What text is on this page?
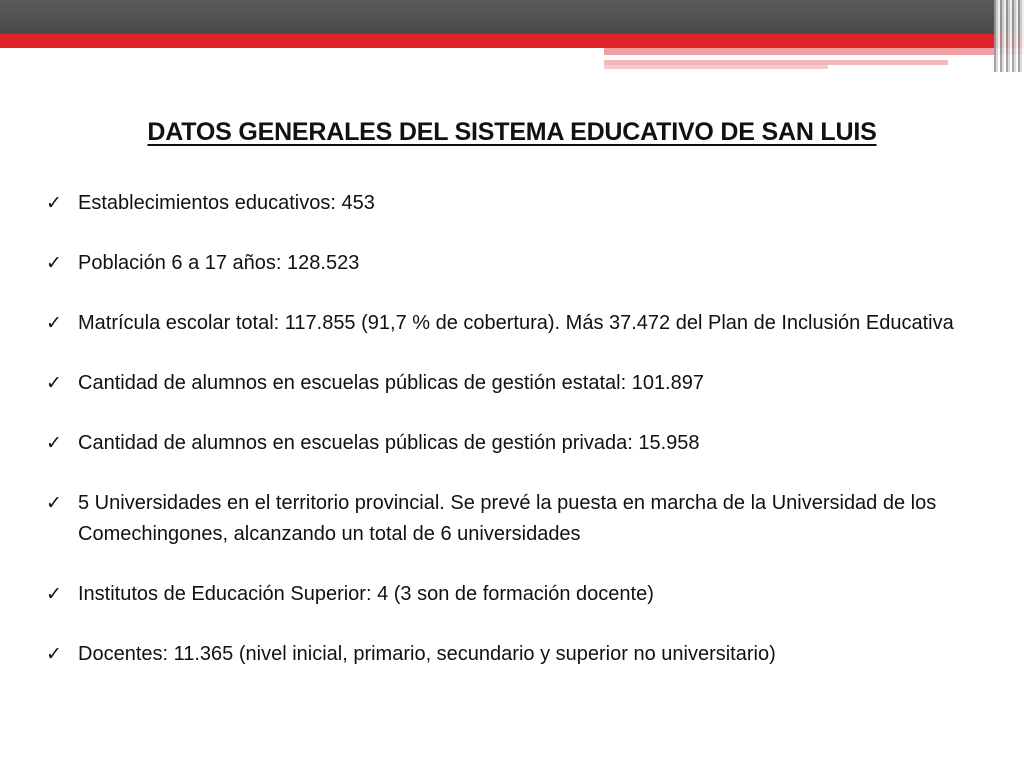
DATOS GENERALES DEL SISTEMA EDUCATIVO DE SAN LUIS
✓ Establecimientos educativos: 453
✓ Población 6 a 17 años: 128.523
✓ Matrícula escolar total: 117.855 (91,7 % de cobertura). Más 37.472 del Plan de Inclusión Educativa
✓ Cantidad de alumnos en escuelas públicas de gestión estatal: 101.897
✓ Cantidad de alumnos en escuelas públicas de gestión privada: 15.958
✓ 5 Universidades en el territorio provincial. Se prevé la puesta en marcha de la Universidad de los Comechingones, alcanzando un total de 6 universidades
✓ Institutos de Educación Superior: 4 (3 son de formación docente)
✓ Docentes: 11.365 (nivel inicial, primario, secundario y superior no universitario)
